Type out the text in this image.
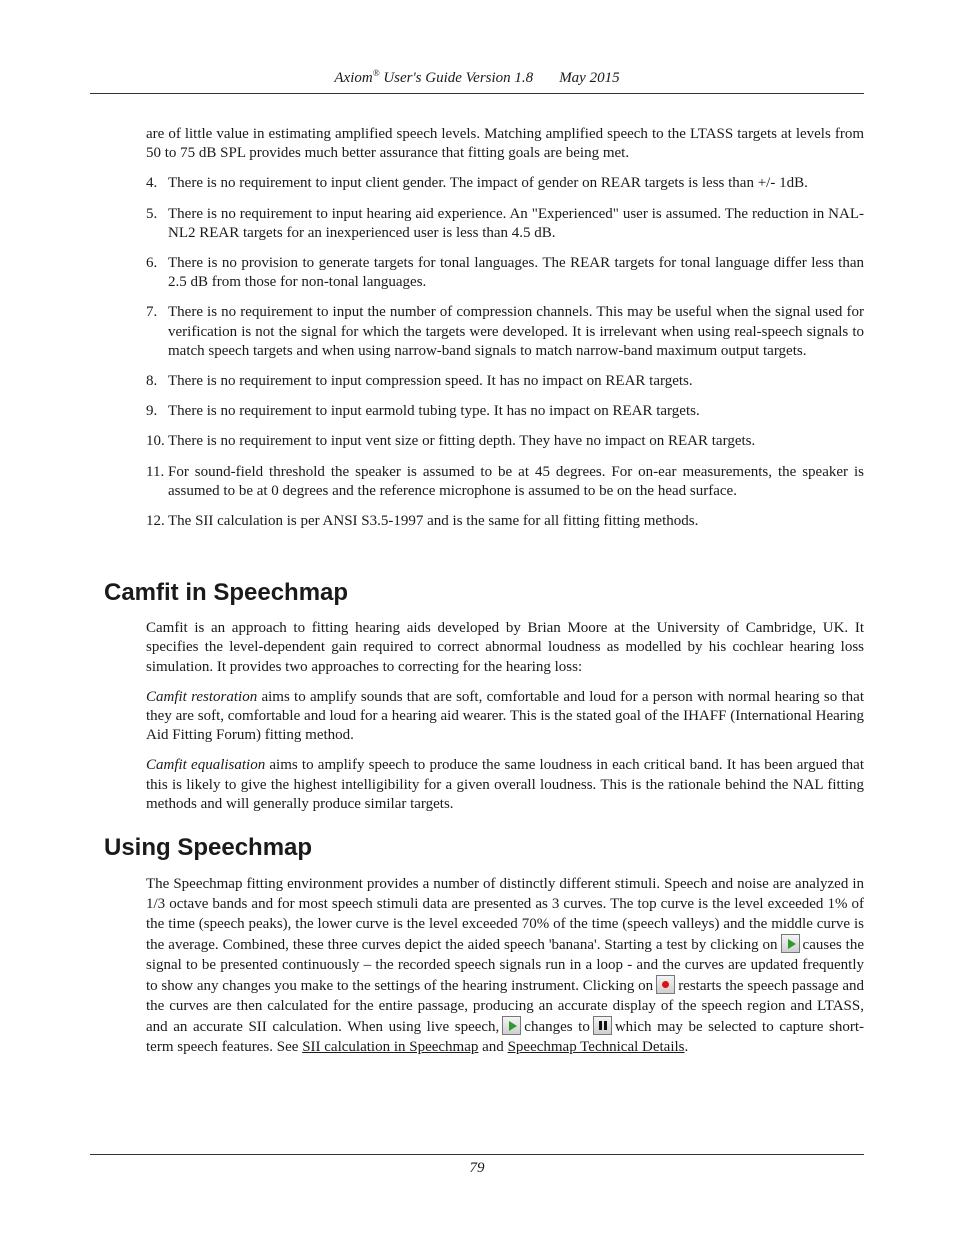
Axiom® User's Guide Version 1.8 May 2015

are of little value in estimating amplified speech levels. Matching amplified speech to the LTASS targets at levels from 50 to 75 dB SPL provides much better assurance that fitting goals are being met.

4. There is no requirement to input client gender. The impact of gender on REAR targets is less than +/- 1dB.
5. There is no requirement to input hearing aid experience. An "Experienced" user is assumed. The reduction in NAL-NL2 REAR targets for an inexperienced user is less than 4.5 dB.
6. There is no provision to generate targets for tonal languages. The REAR targets for tonal language differ less than 2.5 dB from those for non-tonal languages.
7. There is no requirement to input the number of compression channels. This may be useful when the signal used for verification is not the signal for which the targets were developed. It is irrelevant when using real-speech signals to match speech targets and when using narrow-band signals to match narrow-band maximum output targets.
8. There is no requirement to input compression speed. It has no impact on REAR targets.
9. There is no requirement to input earmold tubing type. It has no impact on REAR targets.
10. There is no requirement to input vent size or fitting depth. They have no impact on REAR targets.
11. For sound-field threshold the speaker is assumed to be at 45 degrees. For on-ear measurements, the speaker is assumed to be at 0 degrees and the reference microphone is assumed to be on the head surface.
12. The SII calculation is per ANSI S3.5-1997 and is the same for all fitting fitting methods.
Camfit in Speechmap

Camfit is an approach to fitting hearing aids developed by Brian Moore at the University of Cambridge, UK. It specifies the level-dependent gain required to correct abnormal loudness as modelled by his cochlear hearing loss simulation. It provides two approaches to correcting for the hearing loss:

Camfit restoration aims to amplify sounds that are soft, comfortable and loud for a person with normal hearing so that they are soft, comfortable and loud for a hearing aid wearer. This is the stated goal of the IHAFF (International Hearing Aid Fitting Forum) fitting method.

Camfit equalisation aims to amplify speech to produce the same loudness in each critical band. It has been argued that this is likely to give the highest intelligibility for a given overall loudness. This is the rationale behind the NAL fitting methods and will generally produce similar targets.

Using Speechmap

The Speechmap fitting environment provides a number of distinctly different stimuli. Speech and noise are analyzed in 1/3 octave bands and for most speech stimuli data are presented as 3 curves. The top curve is the level exceeded 1% of the time (speech peaks), the lower curve is the level exceeded 70% of the time (speech valleys) and the middle curve is the average. Combined, these three curves depict the aided speech 'banana'. Starting a test by clicking on causes the signal to be presented continuously – the recorded speech signals run in a loop - and the curves are updated frequently to show any changes you make to the settings of the hearing instrument. Clicking on restarts the speech passage and the curves are then calculated for the entire passage, producing an accurate display of the speech region and LTASS, and an accurate SII calculation. When using live speech, changes to which may be selected to capture short-term speech features. See SII calculation in Speechmap and Speechmap Technical Details.

79
